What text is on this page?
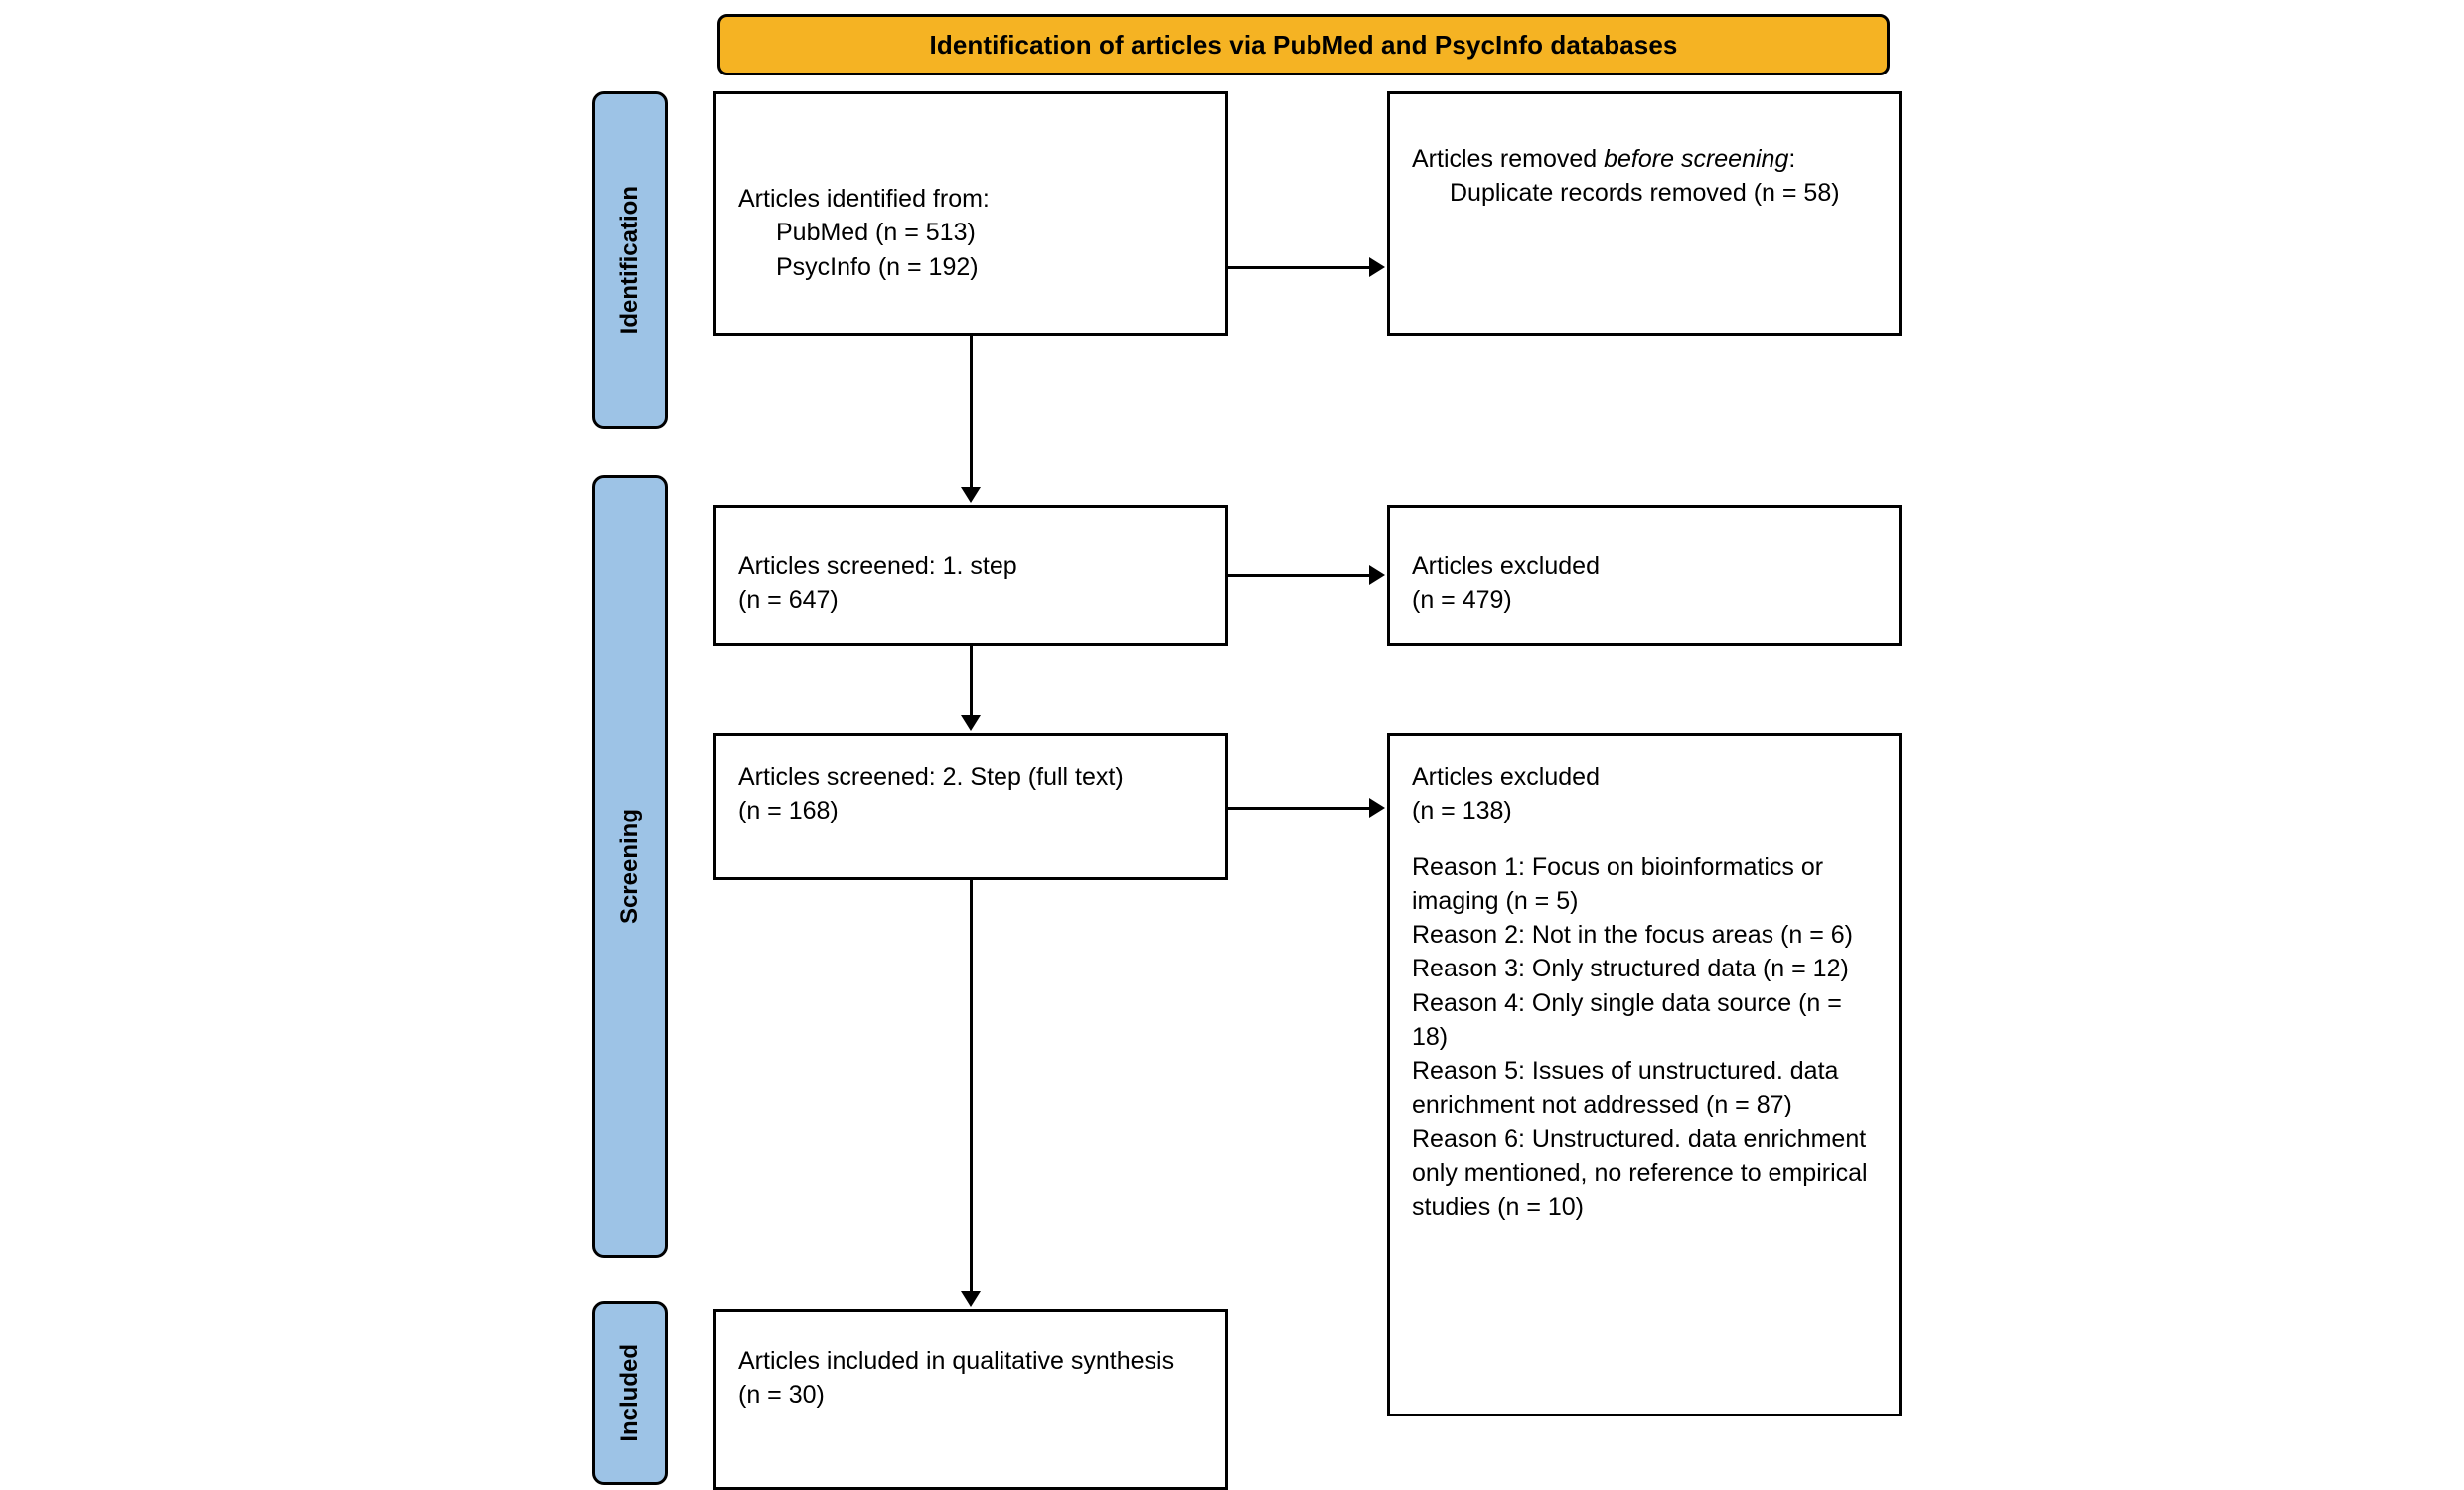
Identification of articles via PubMed and PsycInfo databases
Identification
Screening
Included

Articles identified from:

PubMed (n = 513)

PsycInfo (n = 192)

Articles removed before screening:

Duplicate records removed (n = 58)

Articles screened: 1. step

(n = 647)

Articles excluded

(n = 479)

Articles screened: 2. Step (full text)

(n = 168)

Articles excluded

(n = 138)

Reason 1: Focus on bioinformatics or imaging (n = 5)

Reason 2: Not in the focus areas (n = 6)

Reason 3: Only structured data (n = 12)

Reason 4: Only single data source (n = 18)

Reason 5: Issues of unstructured. data enrichment not addressed (n = 87)

Reason 6: Unstructured. data enrichment only mentioned, no reference to empirical studies (n = 10)

Articles included in qualitative synthesis

(n = 30)
